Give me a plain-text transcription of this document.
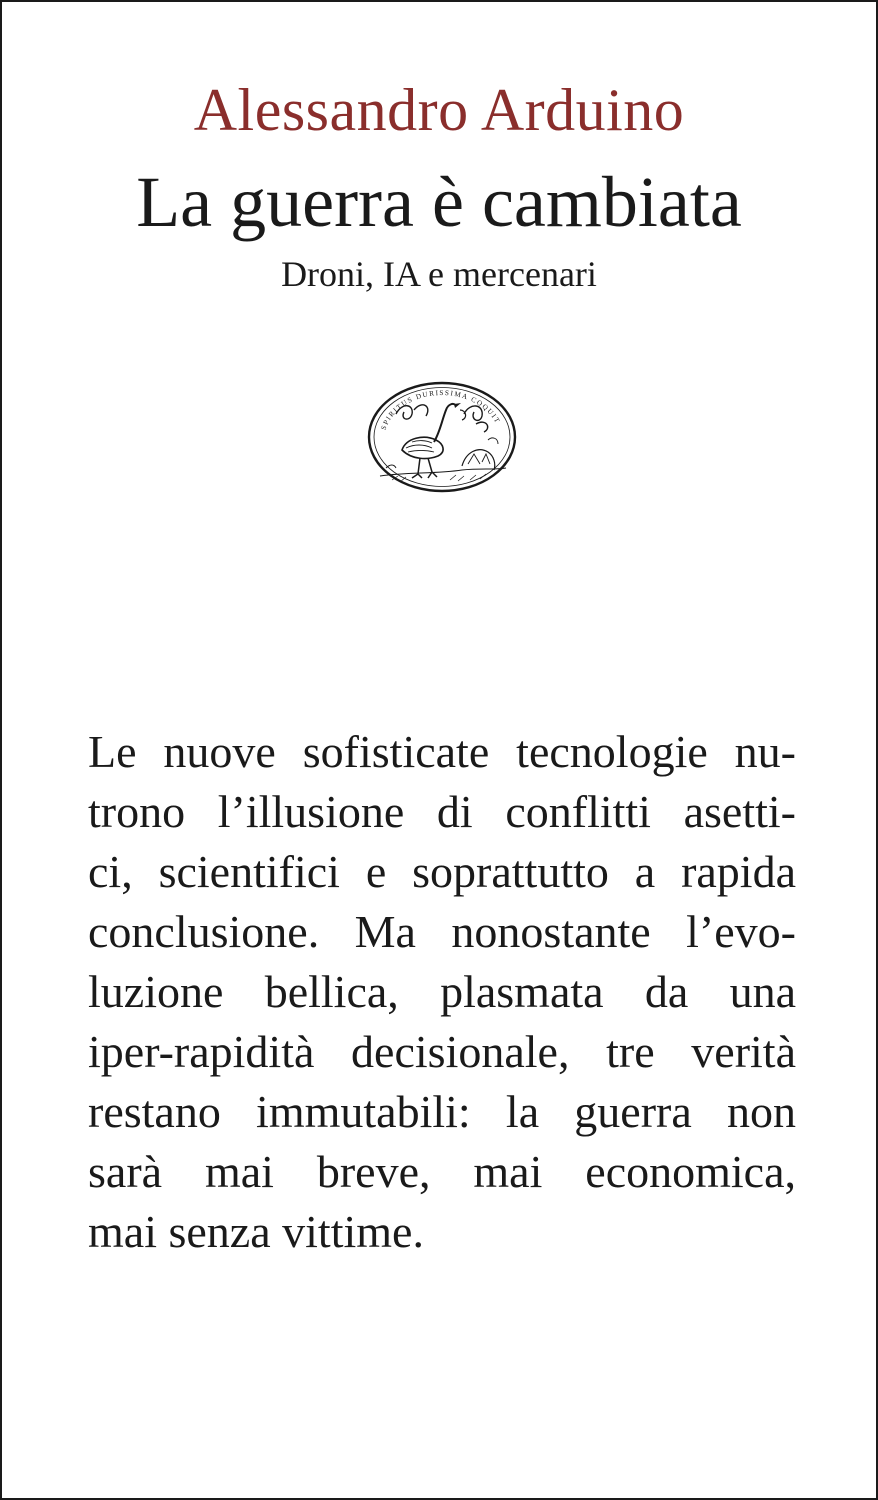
Alessandro Arduino
La guerra è cambiata
Droni, IA e mercenari
SPIRITUS DURISSIMA COQUIT
Le nuove sofisticate tecnologie nu-
trono l’illusione di conflitti asetti-
ci, scientifici e soprattutto a rapida
conclusione. Ma nonostante l’evo-
luzione bellica, plasmata da una
iper-rapidità decisionale, tre verità
restano immutabili: la guerra non
sarà mai breve, mai economica,
mai senza vittime.
